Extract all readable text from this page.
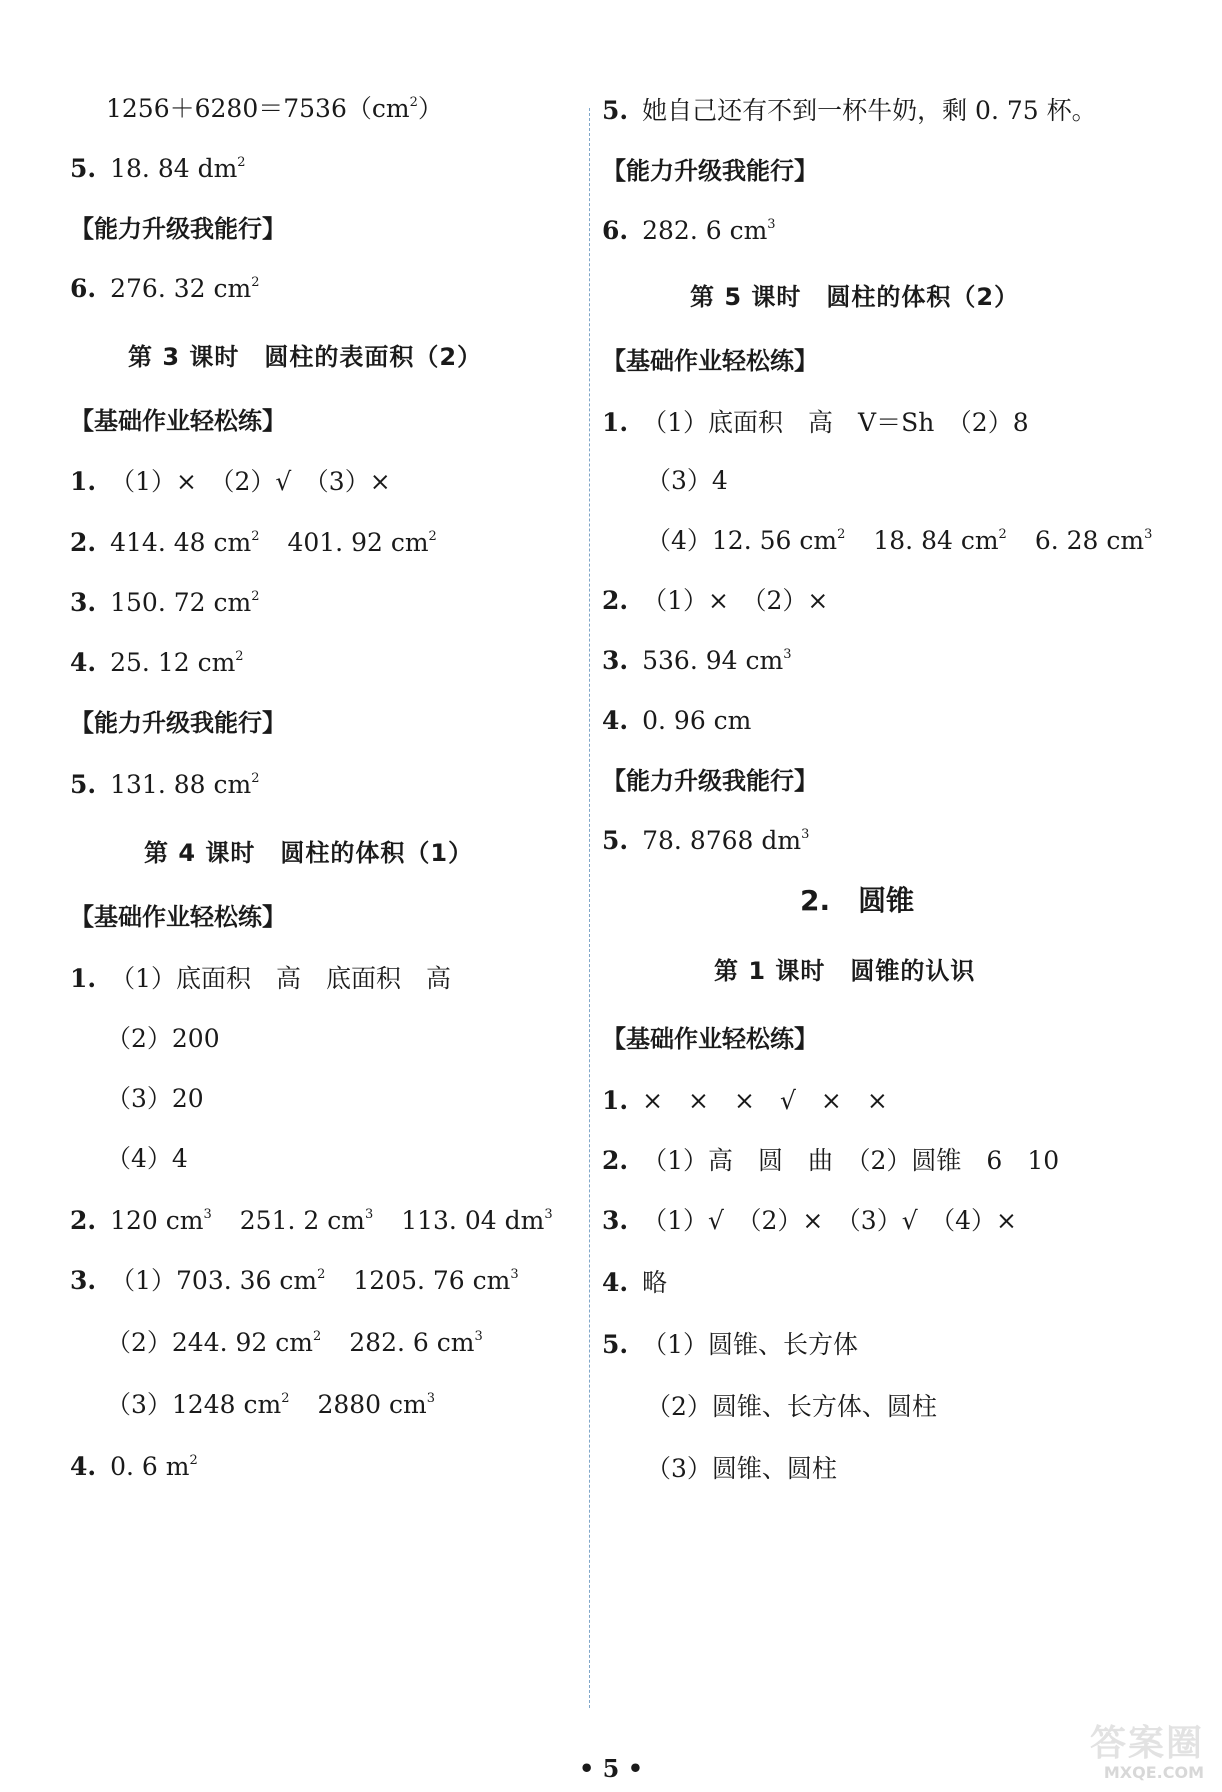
$1256+6280=7536(cm^2)$
5. 18. 84 $dm^2$
【能力升级我能行】
6. 276. 32 $cm^2$
第 3 课时　圆柱的表面积（2）
【基础作业轻松练】
1. （1）×　（2）√　（3）×
2. 414. 48 $cm^2$ 401. 92 $cm^2$
3. 150. 72 $cm^2$
4. 25. 12 $cm^2$
【能力升级我能行】
5. 131. 88 $cm^2$
第 4 课时　圆柱的体积（1）
【基础作业轻松练】
1. （1）底面积　高　底面积　高
（2）200
（3）20
（4）4
2. 120 $cm^3$ 251. 2 $cm^3$ 113. 04 $dm^3$
3. （1）703. 36 $cm^2$ 1205. 76 $cm^3$
（2）244. 92 $cm^2$ 282. 6 $cm^3$
（3）1248 $cm^2$ 2880 $cm^3$
4. 0. 6 $m^2$
5. 她自己还有不到一杯牛奶，剩 0. 75 杯。
【能力升级我能行】
6. 282. 6 $cm^3$
第 5 课时　圆柱的体积（2）
【基础作业轻松练】
1. （1）底面积　高　V＝Sh　（2）8
（3）4
（4）12. 56 $cm^2$ 18. 84 $cm^2$ 6. 28 $cm^3$
2. （1）×　（2）×
3. 536. 94 $cm^3$
4. 0. 96 cm
【能力升级我能行】
5. 78. 8768 $dm^3$
2.　圆锥
第 1 课时　圆锥的认识
【基础作业轻松练】
1. ×　×　×　√　×　×
2. （1）高　圆　曲　（2）圆锥　6　10
3. （1）√　（2）×　（3）√　（4）×
4. 略
5. （1）圆锥、长方体
（2）圆锥、长方体、圆柱
（3）圆锥、圆柱
• 5 •
答案圈
MXQE.COM
